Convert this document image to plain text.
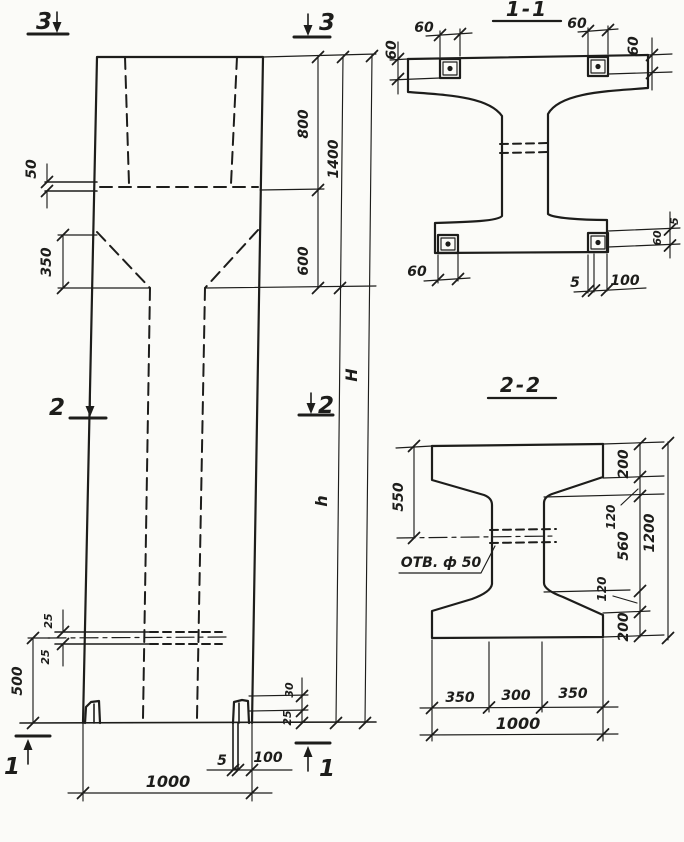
50
350
25
25
500	30
25
5 100
1000
800
600
1400
h
H
3	3
2	2
1	1
1-1
60	60
60	60
60
5 100
5
60
2-2
ОТВ. ф 50
550
200
120
560
120
200
1200
350 300 350
1000
